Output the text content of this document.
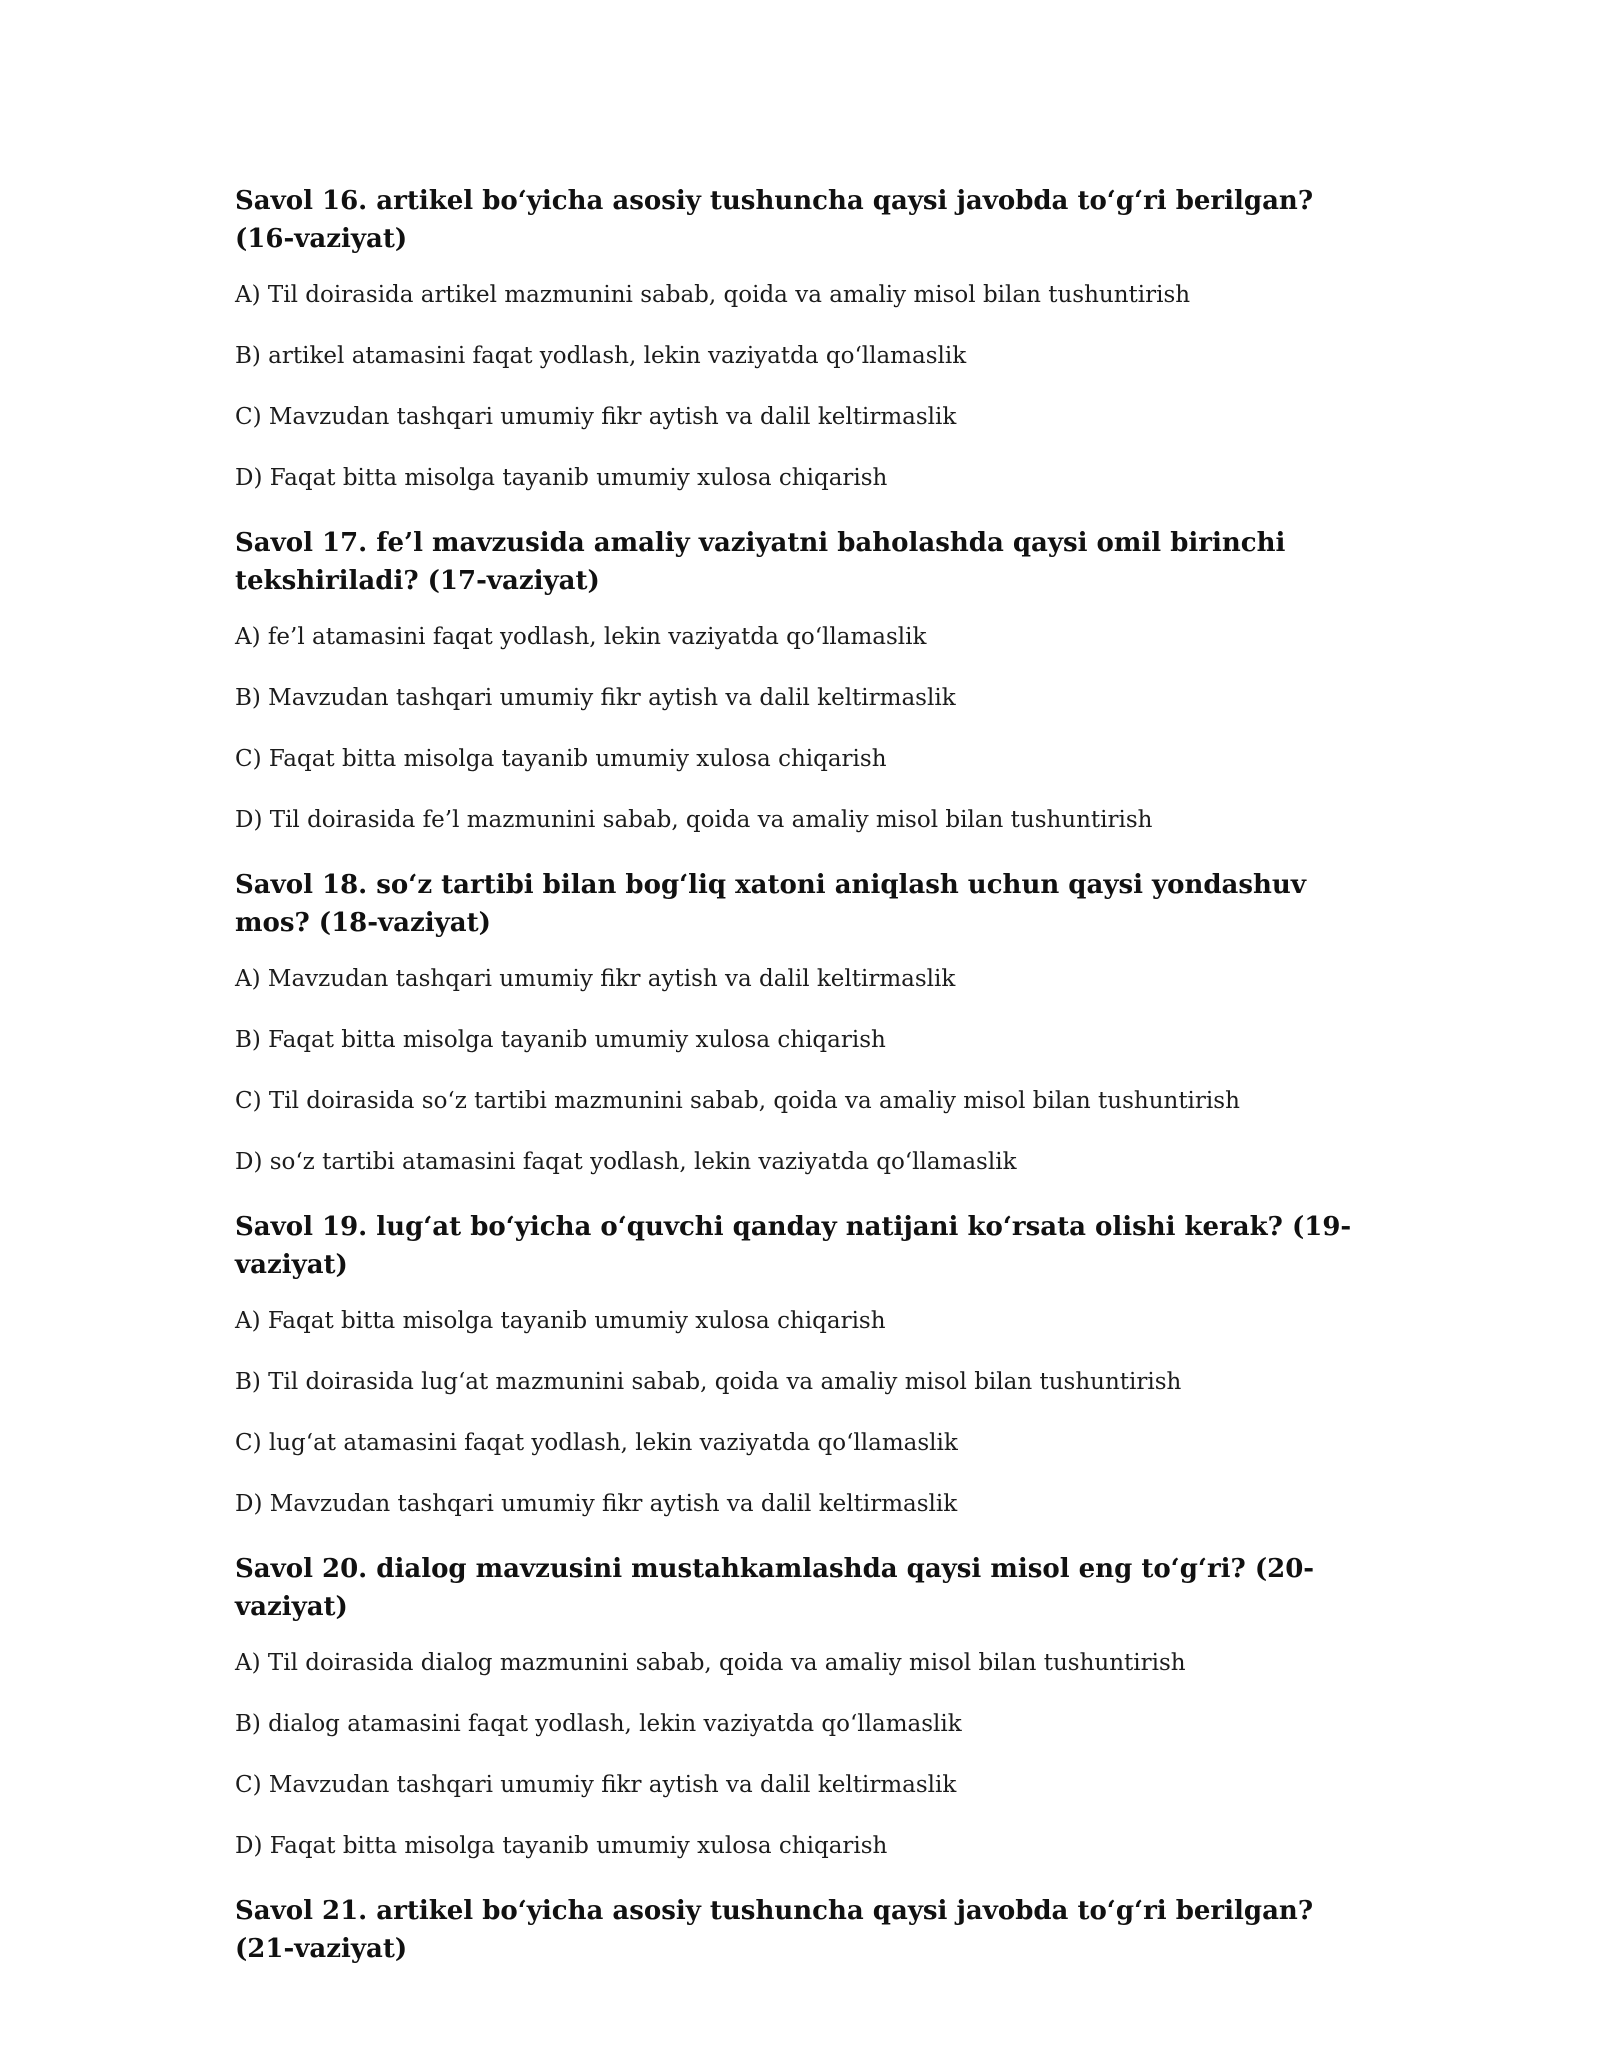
Savol 16. artikel bo‘yicha asosiy tushuncha qaysi javobda to‘g‘ri berilgan? (16-vaziyat)

A) Til doirasida artikel mazmunini sabab, qoida va amaliy misol bilan tushuntirish

B) artikel atamasini faqat yodlash, lekin vaziyatda qo‘llamaslik

C) Mavzudan tashqari umumiy fikr aytish va dalil keltirmaslik

D) Faqat bitta misolga tayanib umumiy xulosa chiqarish

Savol 17. fe’l mavzusida amaliy vaziyatni baholashda qaysi omil birinchi tekshiriladi? (17-vaziyat)

A) fe’l atamasini faqat yodlash, lekin vaziyatda qo‘llamaslik

B) Mavzudan tashqari umumiy fikr aytish va dalil keltirmaslik

C) Faqat bitta misolga tayanib umumiy xulosa chiqarish

D) Til doirasida fe’l mazmunini sabab, qoida va amaliy misol bilan tushuntirish

Savol 18. so‘z tartibi bilan bog‘liq xatoni aniqlash uchun qaysi yondashuv mos? (18-vaziyat)

A) Mavzudan tashqari umumiy fikr aytish va dalil keltirmaslik

B) Faqat bitta misolga tayanib umumiy xulosa chiqarish

C) Til doirasida so‘z tartibi mazmunini sabab, qoida va amaliy misol bilan tushuntirish

D) so‘z tartibi atamasini faqat yodlash, lekin vaziyatda qo‘llamaslik

Savol 19. lug‘at bo‘yicha o‘quvchi qanday natijani ko‘rsata olishi kerak? (19-vaziyat)

A) Faqat bitta misolga tayanib umumiy xulosa chiqarish

B) Til doirasida lug‘at mazmunini sabab, qoida va amaliy misol bilan tushuntirish

C) lug‘at atamasini faqat yodlash, lekin vaziyatda qo‘llamaslik

D) Mavzudan tashqari umumiy fikr aytish va dalil keltirmaslik

Savol 20. dialog mavzusini mustahkamlashda qaysi misol eng to‘g‘ri? (20-vaziyat)

A) Til doirasida dialog mazmunini sabab, qoida va amaliy misol bilan tushuntirish

B) dialog atamasini faqat yodlash, lekin vaziyatda qo‘llamaslik

C) Mavzudan tashqari umumiy fikr aytish va dalil keltirmaslik

D) Faqat bitta misolga tayanib umumiy xulosa chiqarish

Savol 21. artikel bo‘yicha asosiy tushuncha qaysi javobda to‘g‘ri berilgan? (21-vaziyat)
